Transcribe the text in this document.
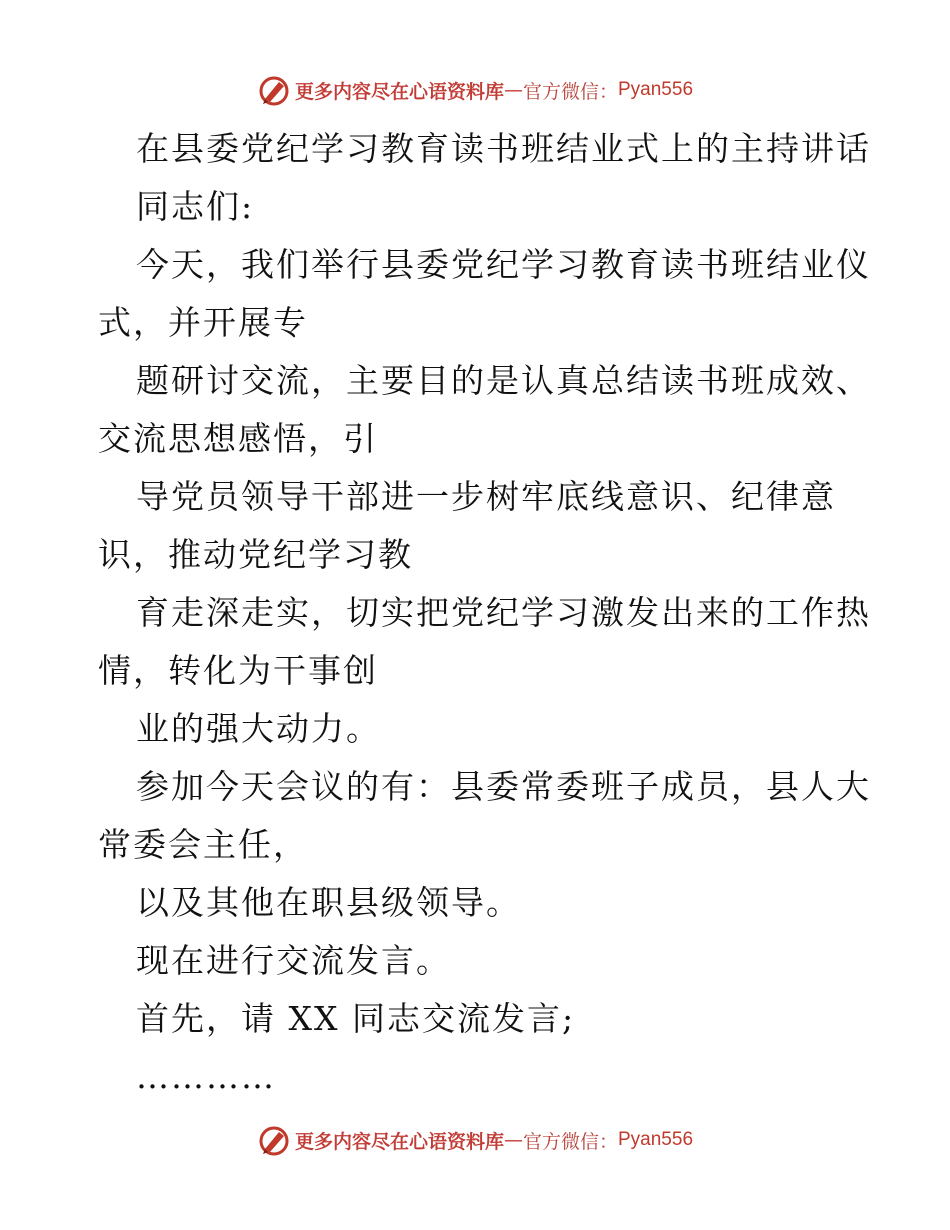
更多内容尽在心语资料库 — 官方微信： Pyan556
在县委党纪学习教育读书班结业式上的主持讲话
同志们:
今天，我们举行县委党纪学习教育读书班结业仪
式，并开展专
题研讨交流，主要目的是认真总结读书班成效、
交流思想感悟，引
导党员领导干部进一步树牢底线意识、纪律意
识，推动党纪学习教
育走深走实，切实把党纪学习激发出来的工作热
情，转化为干事创
业的强大动力。
参加今天会议的有：县委常委班子成员，县人大
常委会主任，
以及其他在职县级领导。
现在进行交流发言。
首先，请 XX 同志交流发言;
…………
更多内容尽在心语资料库 — 官方微信： Pyan556
